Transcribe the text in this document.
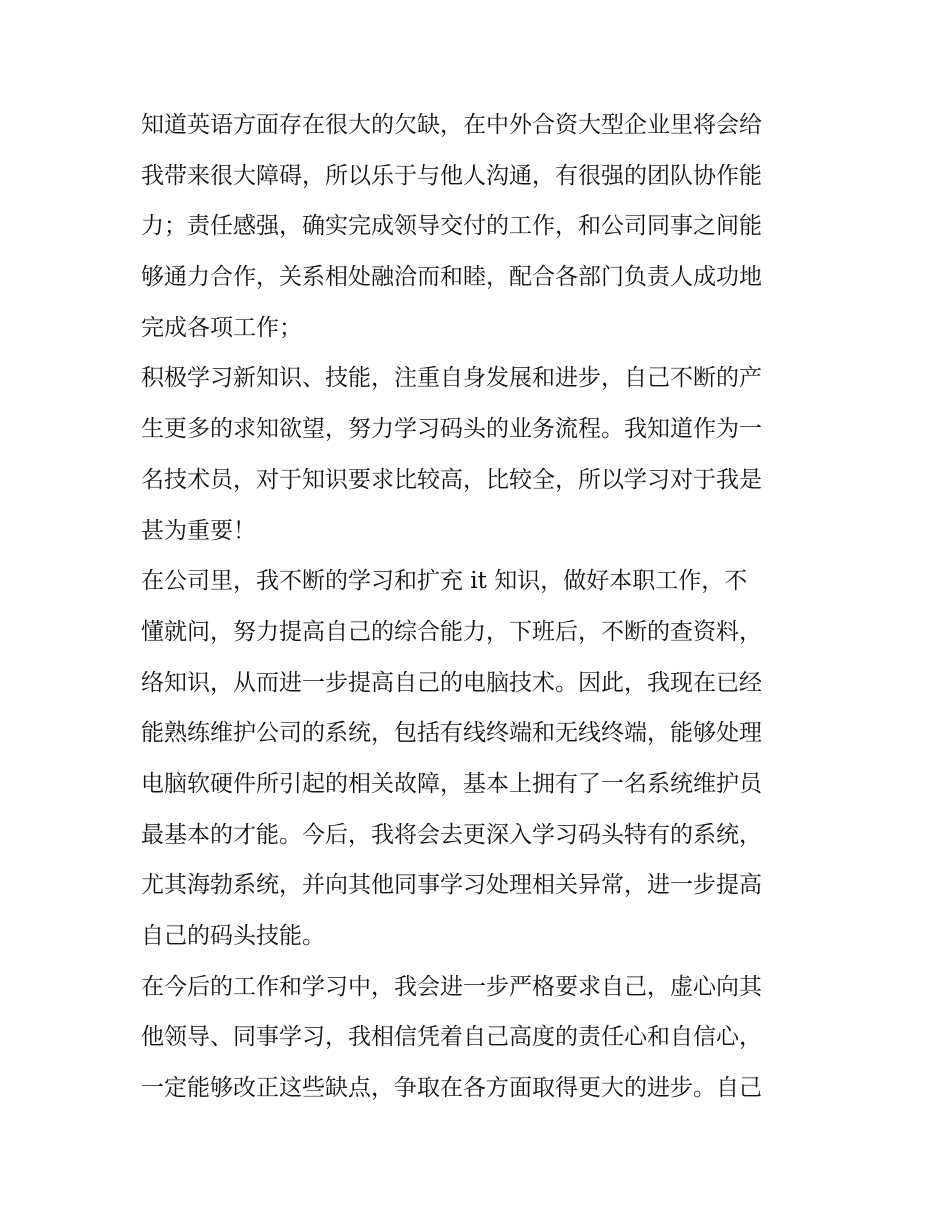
知道英语方面存在很大的欠缺，在中外合资大型企业里将会给
我带来很大障碍，所以乐于与他人沟通，有很强的团队协作能
力；责任感强，确实完成领导交付的工作，和公司同事之间能
够通力合作，关系相处融洽而和睦，配合各部门负责人成功地
完成各项工作；
积极学习新知识、技能，注重自身发展和进步，自己不断的产
生更多的求知欲望，努力学习码头的业务流程。我知道作为一
名技术员，对于知识要求比较高，比较全，所以学习对于我是
甚为重要！
在公司里，我不断的学习和扩充 it 知识，做好本职工作，不
懂就问，努力提高自己的综合能力，下班后，不断的查资料，
络知识，从而进一步提高自己的电脑技术。因此，我现在已经
能熟练维护公司的系统，包括有线终端和无线终端，能够处理
电脑软硬件所引起的相关故障，基本上拥有了一名系统维护员
最基本的才能。今后，我将会去更深入学习码头特有的系统，
尤其海勃系统，并向其他同事学习处理相关异常，进一步提高
自己的码头技能。
在今后的工作和学习中，我会进一步严格要求自己，虚心向其
他领导、同事学习，我相信凭着自己高度的责任心和自信心，
一定能够改正这些缺点，争取在各方面取得更大的进步。自己
